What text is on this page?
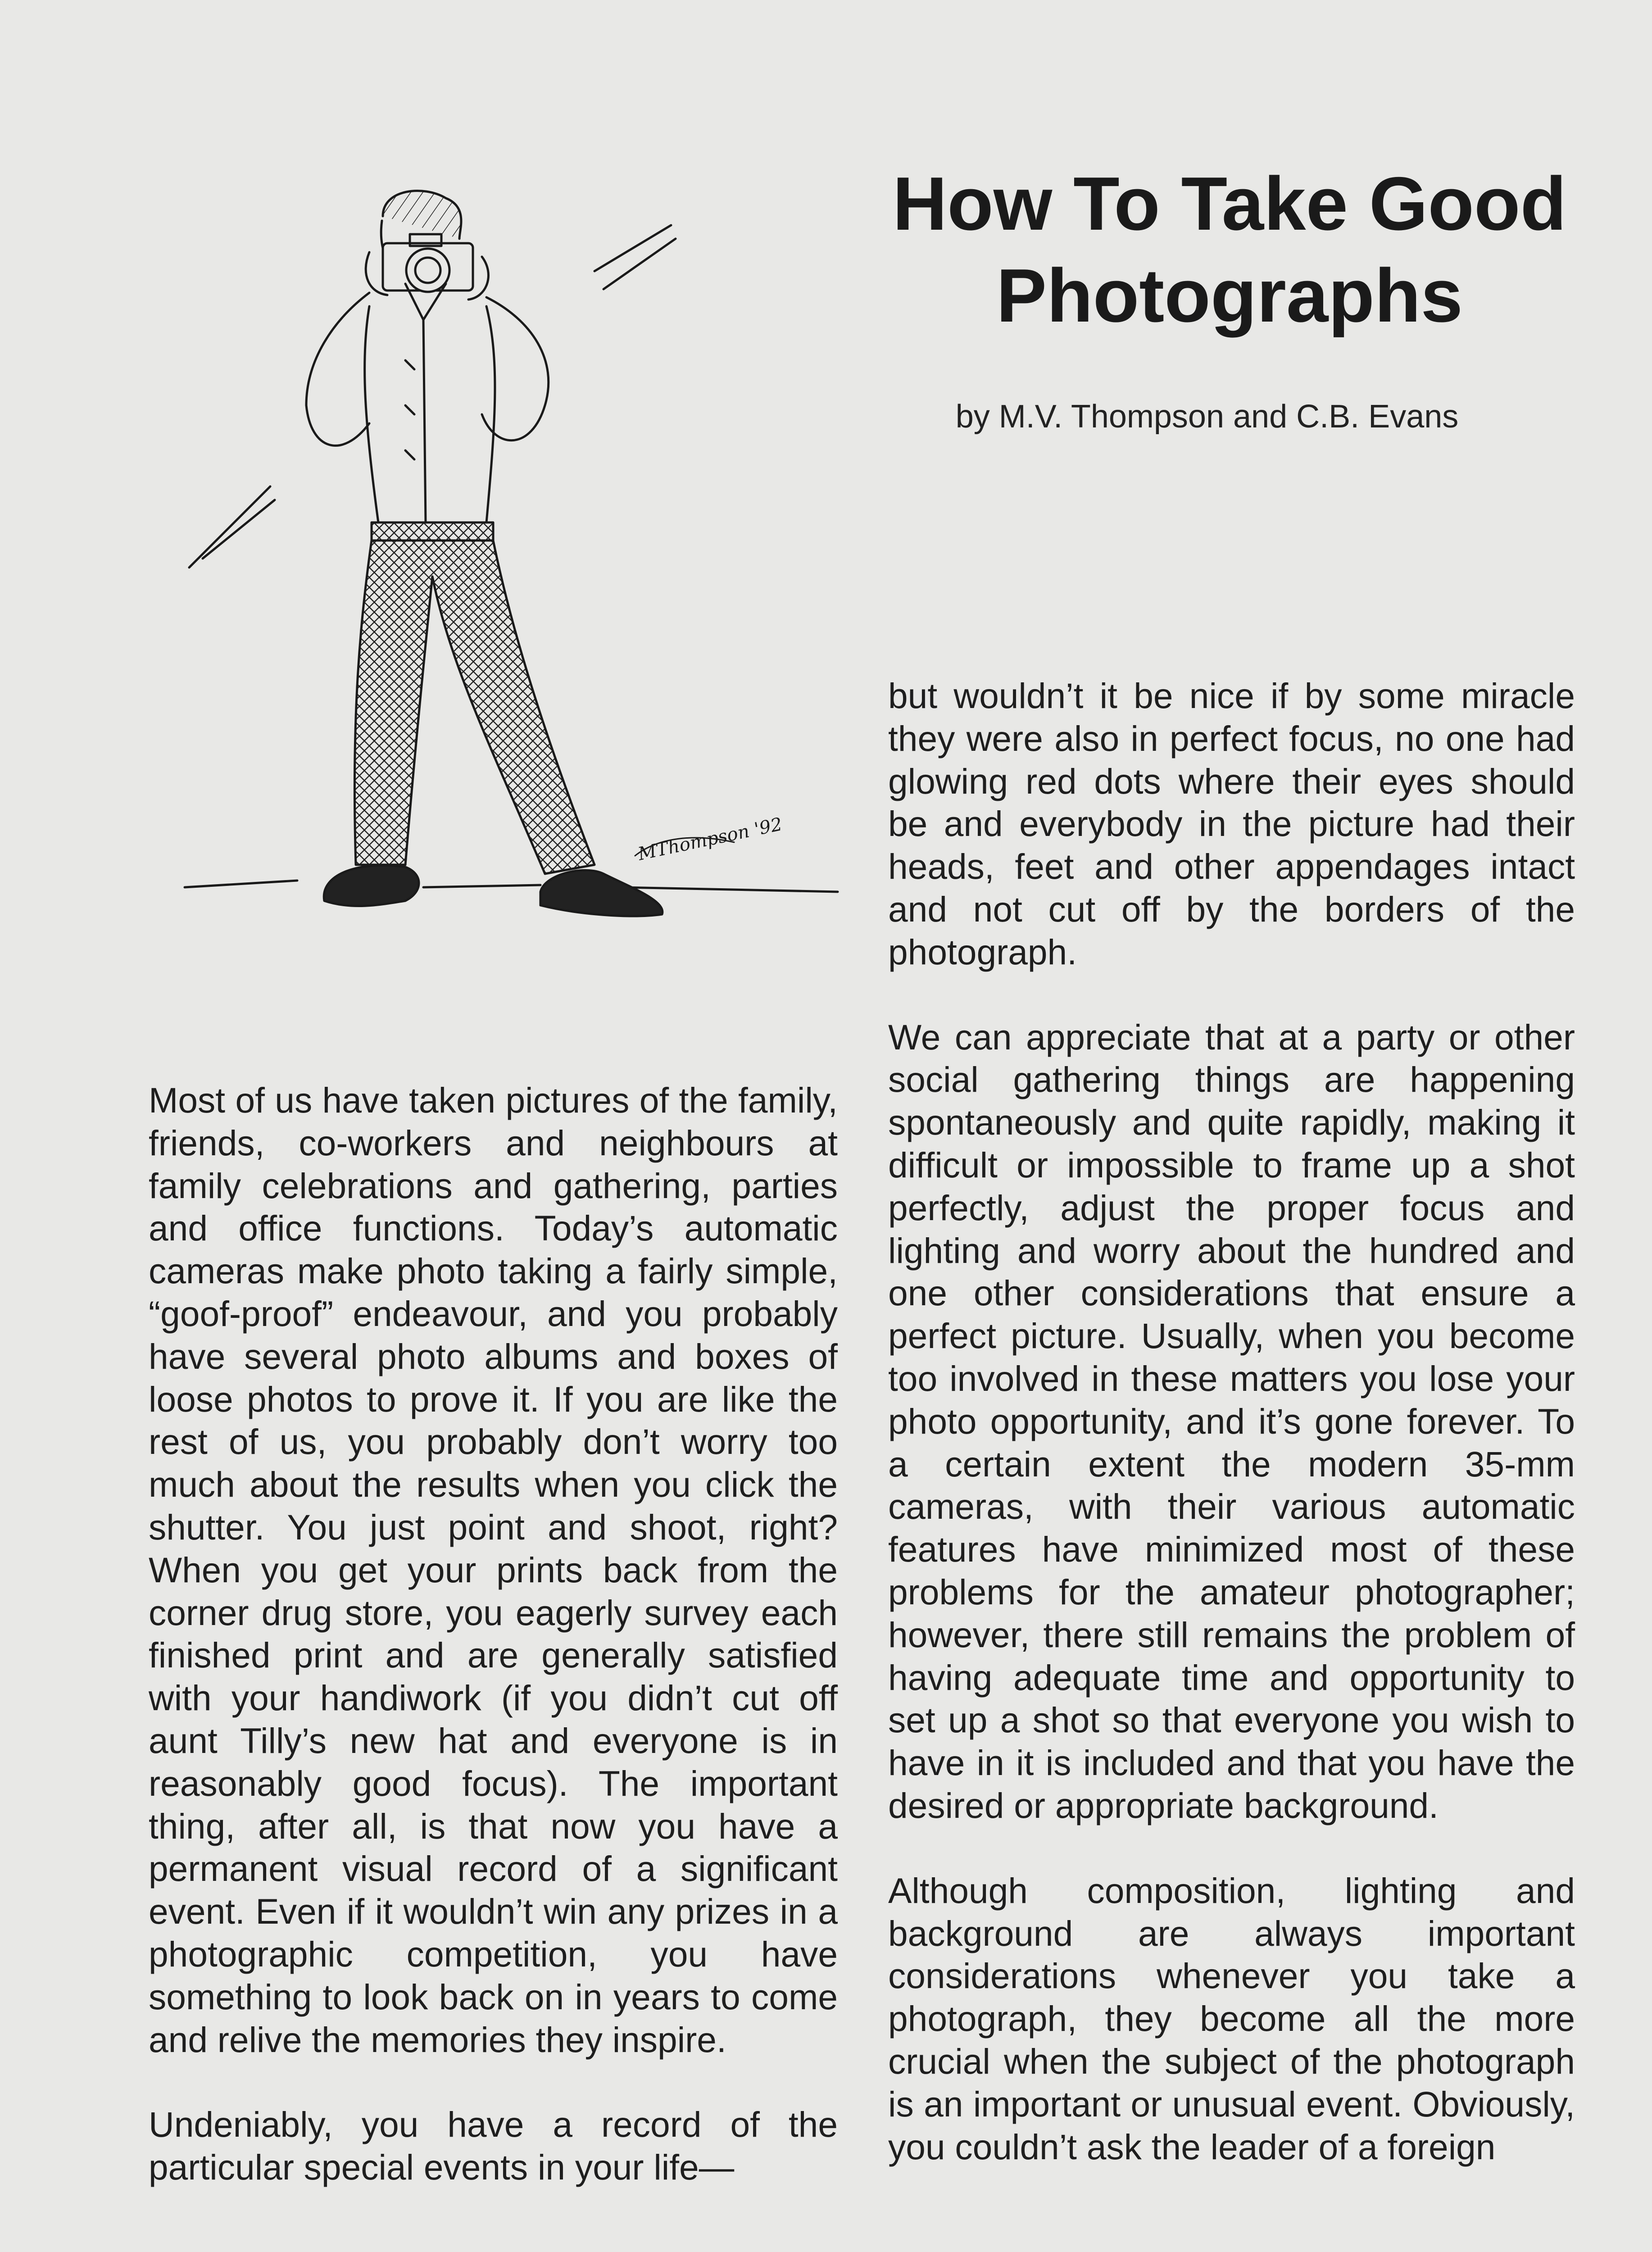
How To Take Good
Photographs
by M.V. Thompson and C.B. Evans
MThompson '92

Most of us have taken pictures of the family, friends, co-workers and neighbours at family celebrations and gathering, parties and office functions. Today’s automatic cameras make photo taking a fairly simple, “goof-proof” endeavour, and you probably have several photo albums and boxes of loose photos to prove it. If you are like the rest of us, you probably don’t worry too much about the results when you click the shutter. You just point and shoot, right? When you get your prints back from the corner drug store, you eagerly survey each finished print and are generally satisfied with your handiwork (if you didn’t cut off aunt Tilly’s new hat and everyone is in reasonably good focus). The important thing, after all, is that now you have a permanent visual record of a significant event. Even if it wouldn’t win any prizes in a photographic competition, you have something to look back on in years to come and relive the memories they inspire.

Undeniably, you have a record of the particular special events in your life—

but wouldn’t it be nice if by some miracle they were also in perfect focus, no one had glowing red dots where their eyes should be and everybody in the picture had their heads, feet and other appendages intact and not cut off by the borders of the photograph.

We can appreciate that at a party or other social gathering things are happening spontaneously and quite rapidly, making it difficult or impossible to frame up a shot perfectly, adjust the proper focus and lighting and worry about the hundred and one other considerations that ensure a perfect picture. Usually, when you become too involved in these matters you lose your photo opportunity, and it’s gone forever. To a certain extent the modern 35-mm cameras, with their various automatic features have minimized most of these problems for the amateur photographer; however, there still remains the problem of having adequate time and opportunity to set up a shot so that everyone you wish to have in it is included and that you have the desired or appropriate background.

Although composition, lighting and background are always important considerations whenever you take a photograph, they become all the more crucial when the subject of the photograph is an important or unusual event. Obviously, you couldn’t ask the leader of a foreign
